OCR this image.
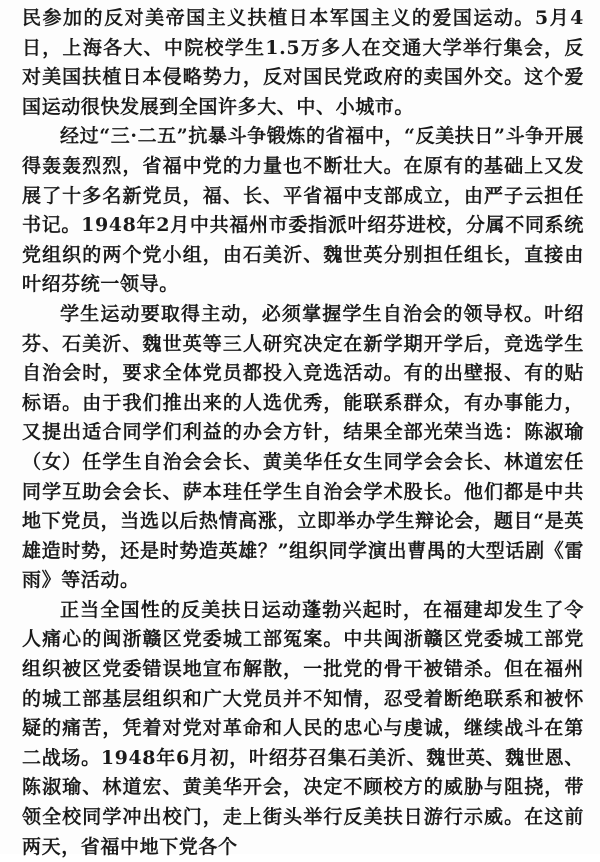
民参加的反对美帝国主义扶植日本军国主义的爱国运动。5月4日，上海各大、中院校学生1.5万多人在交通大学举行集会，反对美国扶植日本侵略势力，反对国民党政府的卖国外交。这个爱国运动很快发展到全国许多大、中、小城市。

经过“三·二五”抗暴斗争锻炼的省福中，“反美扶日”斗争开展得轰轰烈烈，省福中党的力量也不断壮大。在原有的基础上又发展了十多名新党员，福、长、平省福中支部成立，由严子云担任书记。1948年2月中共福州市委指派叶绍芬进校，分属不同系统党组织的两个党小组，由石美沂、魏世英分别担任组长，直接由叶绍芬统一领导。

学生运动要取得主动，必须掌握学生自治会的领导权。叶绍芬、石美沂、魏世英等三人研究决定在新学期开学后，竞选学生自治会时，要求全体党员都投入竞选活动。有的出壁报、有的贴标语。由于我们推出来的人选优秀，能联系群众，有办事能力，又提出适合同学们利益的办会方针，结果全部光荣当选：陈淑瑜（女）任学生自治会会长、黄美华任女生同学会会长、林道宏任同学互助会会长、萨本珪任学生自治会学术股长。他们都是中共地下党员，当选以后热情高涨，立即举办学生辩论会，题目“是英雄造时势，还是时势造英雄？”组织同学演出曹禺的大型话剧《雷雨》等活动。

正当全国性的反美扶日运动蓬勃兴起时，在福建却发生了令人痛心的闽浙赣区党委城工部冤案。中共闽浙赣区党委城工部党组织被区党委错误地宣布解散，一批党的骨干被错杀。但在福州的城工部基层组织和广大党员并不知情，忍受着断绝联系和被怀疑的痛苦，凭着对党对革命和人民的忠心与虔诚，继续战斗在第二战场。1948年6月初，叶绍芬召集石美沂、魏世英、魏世恩、陈淑瑜、林道宏、黄美华开会，决定不顾校方的威胁与阻挠，带领全校同学冲出校门，走上街头举行反美扶日游行示威。在这前两天，省福中地下党各个
